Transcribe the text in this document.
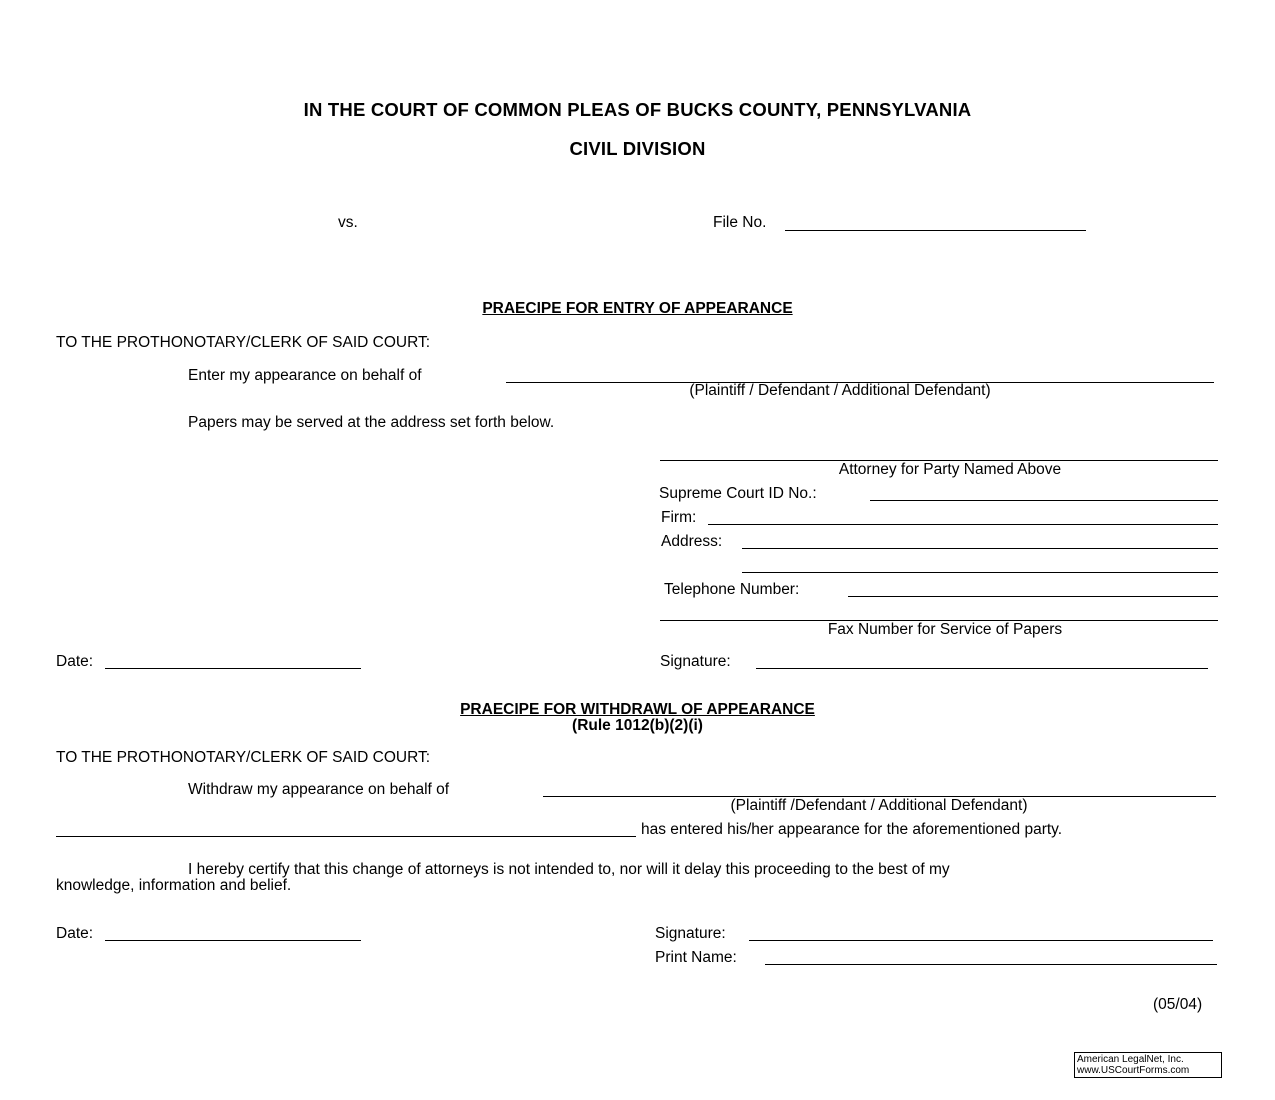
IN THE COURT OF COMMON PLEAS OF BUCKS COUNTY, PENNSYLVANIA
CIVIL DIVISION
vs.	File No.
PRAECIPE FOR ENTRY OF APPEARANCE
TO THE PROTHONOTARY/CLERK OF SAID COURT:
Enter my appearance on behalf of
(Plaintiff / Defendant / Additional Defendant)
Papers may be served at the address set forth below.
Attorney for Party Named Above
Supreme Court ID No.:
Firm:
Address:
Telephone Number:
Fax Number for Service of Papers
Date:	Signature:
PRAECIPE FOR WITHDRAWL OF APPEARANCE
(Rule 1012(b)(2)(i)
TO THE PROTHONOTARY/CLERK OF SAID COURT:
Withdraw my appearance on behalf of
(Plaintiff /Defendant / Additional Defendant)
has entered his/her appearance for the aforementioned party.
I hereby certify that this change of attorneys is not intended to, nor will it delay this proceeding to the best of my
knowledge, information and belief.
Date:	Signature:
Print Name:
(05/04)
American LegalNet, Inc.
www.USCourtForms.com
